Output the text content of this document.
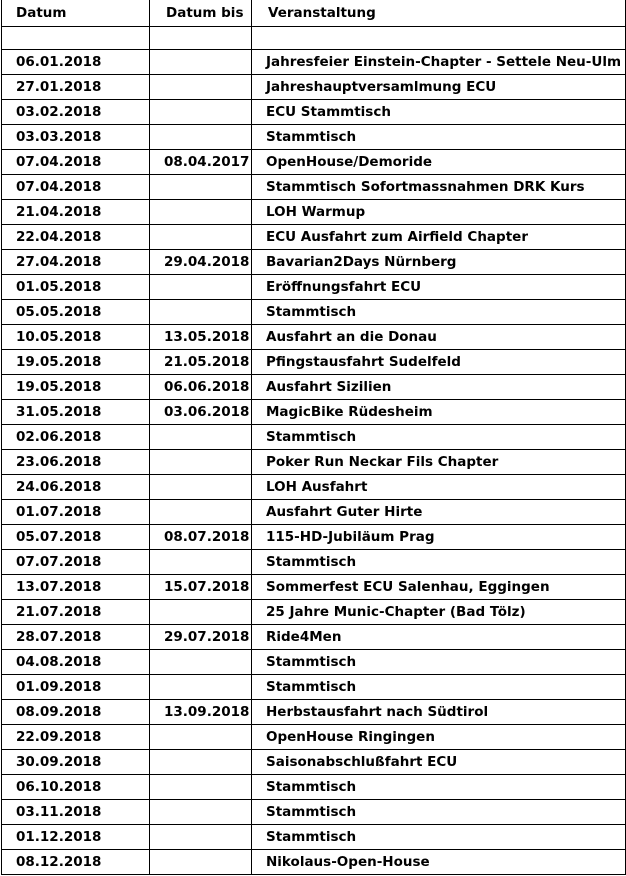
Datum	Datum bis	Veranstaltung

06.01.2018		Jahresfeier Einstein-Chapter - Settele Neu-Ulm
27.01.2018		Jahreshauptversamlmung ECU
03.02.2018		ECU Stammtisch
03.03.2018		Stammtisch
07.04.2018	08.04.2017	OpenHouse/Demoride
07.04.2018		Stammtisch Sofortmassnahmen DRK Kurs
21.04.2018		LOH Warmup
22.04.2018		ECU Ausfahrt zum Airfield Chapter
27.04.2018	29.04.2018	Bavarian2Days Nürnberg
01.05.2018		Eröffnungsfahrt ECU
05.05.2018		Stammtisch
10.05.2018	13.05.2018	Ausfahrt an die Donau
19.05.2018	21.05.2018	Pfingstausfahrt Sudelfeld
19.05.2018	06.06.2018	Ausfahrt Sizilien
31.05.2018	03.06.2018	MagicBike Rüdesheim
02.06.2018		Stammtisch
23.06.2018		Poker Run Neckar Fils Chapter
24.06.2018		LOH Ausfahrt
01.07.2018		Ausfahrt Guter Hirte
05.07.2018	08.07.2018	115-HD-Jubiläum Prag
07.07.2018		Stammtisch
13.07.2018	15.07.2018	Sommerfest ECU Salenhau, Eggingen
21.07.2018		25 Jahre Munic-Chapter (Bad Tölz)
28.07.2018	29.07.2018	Ride4Men
04.08.2018		Stammtisch
01.09.2018		Stammtisch
08.09.2018	13.09.2018	Herbstausfahrt nach Südtirol
22.09.2018		OpenHouse Ringingen
30.09.2018		Saisonabschlußfahrt ECU
06.10.2018		Stammtisch
03.11.2018		Stammtisch
01.12.2018		Stammtisch
08.12.2018		Nikolaus-Open-House
